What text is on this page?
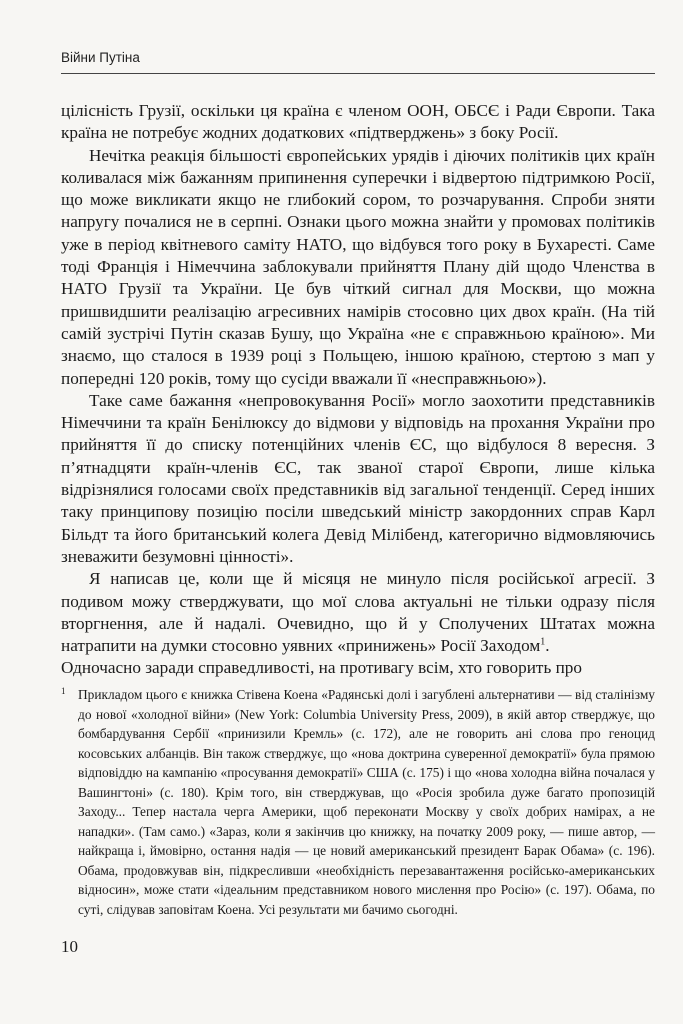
Війни Путіна

цілісність Грузії, оскільки ця країна є членом ООН, ОБСЄ і Ради Європи. Така країна не потребує жодних додаткових «підтверджень» з боку Росії.

Нечітка реакція більшості європейських урядів і діючих політиків цих країн коливалася між бажанням припинення суперечки і відвертою підтримкою Росії, що може викликати якщо не глибокий сором, то розчарування. Спроби зняти напругу почалися не в серпні. Ознаки цього можна знайти у промовах політиків уже в період квітневого саміту НАТО, що відбувся того року в Бухаресті. Саме тоді Франція і Німеччина заблокували прийняття Плану дій щодо Членства в НАТО Грузії та України. Це був чіткий сигнал для Москви, що можна пришвидшити реалізацію агресивних намірів стосовно цих двох країн. (На тій самій зустрічі Путін сказав Бушу, що Україна «не є справжньою країною». Ми знаємо, що сталося в 1939 році з Польщею, іншою країною, стертою з мап у попередні 120 років, тому що сусіди вважали її «несправжньою»).

Таке саме бажання «непровокування Росії» могло заохотити представників Німеччини та країн Бенілюксу до відмови у відповідь на прохання України про прийняття її до списку потенційних членів ЄС, що відбулося 8 вересня. З п’ятнадцяти країн-членів ЄС, так званої старої Європи, лише кілька відрізнялися голосами своїх представників від загальної тенденції. Серед інших таку принципову позицію посіли шведський міністр закордонних справ Карл Більдт та його британський колега Девід Мілібенд, категорично відмовляючись зневажити безумовні цінності».

Я написав це, коли ще й місяця не минуло після російської агресії. З подивом можу стверджувати, що мої слова актуальні не тільки одразу після вторгнення, але й надалі. Очевидно, що й у Сполучених Штатах можна натрапити на думки стосовно уявних «принижень» Росії Заходом$^1$.

Одночасно заради справедливості, на противагу всім, хто говорить про

1 Прикладом цього є книжка Стівена Коена «Радянські долі і загублені альтернативи — від сталінізму до нової «холодної війни» (New York: Columbia University Press, 2009), в якій автор стверджує, що бомбардування Сербії «принизили Кремль» (с. 172), але не говорить ані слова про геноцид косовських албанців. Він також стверджує, що «нова доктрина суверенної демократії» була прямою відповіддю на кампанію «просування демократії» США (с. 175) і що «нова холодна війна почалася у Вашингтоні» (с. 180). Крім того, він стверджував, що «Росія зробила дуже багато пропозицій Заходу... Тепер настала черга Америки, щоб переконати Москву у своїх добрих намірах, а не нападки». (Там само.) «Зараз, коли я закінчив цю книжку, на початку 2009 року, — пише автор, — найкраща і, ймовірно, остання надія — це новий американський президент Барак Обама» (с. 196). Обама, продовжував він, підкресливши «необхідність перезавантаження російсько-американських відносин», може стати «ідеальним представником нового мислення про Росію» (с. 197). Обама, по суті, слідував заповітам Коена. Усі результати ми бачимо сьогодні.

10
